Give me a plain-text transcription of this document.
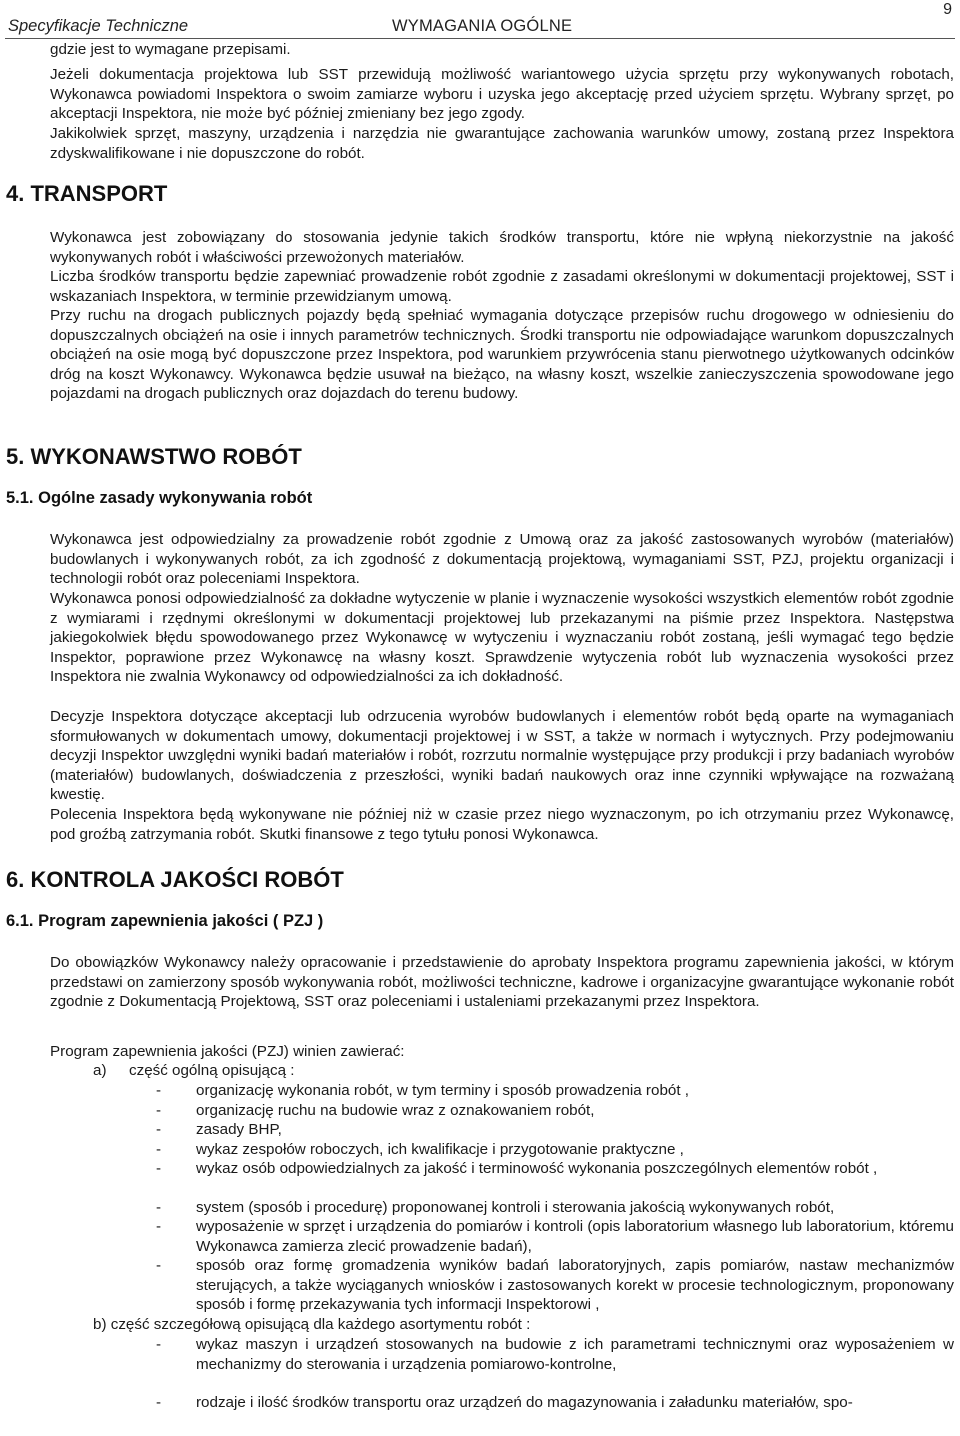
Specyfikacje Techniczne	WYMAGANIA OGÓLNE
9

gdzie jest to wymagane przepisami.

Jeżeli dokumentacja projektowa lub SST przewidują możliwość wariantowego użycia sprzętu przy wykonywanych robotach, Wykonawca powiadomi Inspektora o swoim zamiarze wyboru i uzyska jego akceptację przed użyciem sprzętu. Wybrany sprzęt, po akceptacji Inspektora, nie może być później zmieniany bez jego zgody.

Jakikolwiek sprzęt, maszyny, urządzenia i narzędzia nie gwarantujące zachowania warunków umowy, zostaną przez Inspektora zdyskwalifikowane i nie dopuszczone do robót.

4. TRANSPORT

Wykonawca jest zobowiązany do stosowania jedynie takich środków transportu, które nie wpłyną niekorzystnie na jakość wykonywanych robót i właściwości przewożonych materiałów.

Liczba środków transportu będzie zapewniać prowadzenie robót zgodnie z zasadami określonymi w dokumentacji projektowej, SST i wskazaniach Inspektora, w terminie przewidzianym umową.

Przy ruchu na drogach publicznych pojazdy będą spełniać wymagania dotyczące przepisów ruchu drogowego w odniesieniu do dopuszczalnych obciążeń na osie i innych parametrów technicznych. Środki transportu nie odpowiadające warunkom dopuszczalnych obciążeń na osie mogą być dopuszczone przez Inspektora, pod warunkiem przywrócenia stanu pierwotnego użytkowanych odcinków dróg na koszt Wykonawcy. Wykonawca będzie usuwał na bieżąco, na własny koszt, wszelkie zanieczyszczenia spowodowane jego pojazdami na drogach publicznych oraz dojazdach do terenu budowy.

5. WYKONAWSTWO ROBÓT
5.1. Ogólne zasady wykonywania robót

Wykonawca jest odpowiedzialny za prowadzenie robót zgodnie z Umową oraz za jakość zastosowanych wyrobów (materiałów) budowlanych i wykonywanych robót, za ich zgodność z dokumentacją projektową, wymaganiami SST, PZJ, projektu organizacji i technologii robót oraz poleceniami Inspektora.

Wykonawca ponosi odpowiedzialność za dokładne wytyczenie w planie i wyznaczenie wysokości wszystkich elementów robót zgodnie z wymiarami i rzędnymi określonymi w dokumentacji projektowej lub przekazanymi na piśmie przez Inspektora. Następstwa jakiegokolwiek błędu spowodowanego przez Wykonawcę w wytyczeniu i wyznaczaniu robót zostaną, jeśli wymagać tego będzie Inspektor, poprawione przez Wykonawcę na własny koszt. Sprawdzenie wytyczenia robót lub wyznaczenia wysokości przez Inspektora nie zwalnia Wykonawcy od odpowiedzialności za ich dokładność.

Decyzje Inspektora dotyczące akceptacji lub odrzucenia wyrobów budowlanych i elementów robót będą oparte na wymaganiach sformułowanych w dokumentach umowy, dokumentacji projektowej i w SST, a także w normach i wytycznych. Przy podejmowaniu decyzji Inspektor uwzględni wyniki badań materiałów i robót, rozrzutu normalnie występujące przy produkcji i przy badaniach wyrobów (materiałów) budowlanych, doświadczenia z przeszłości, wyniki badań naukowych oraz inne czynniki wpływające na rozważaną kwestię.

Polecenia Inspektora będą wykonywane nie później niż w czasie przez niego wyznaczonym, po ich otrzymaniu przez Wykonawcę, pod groźbą zatrzymania robót. Skutki finansowe z tego tytułu ponosi Wykonawca.

6. KONTROLA JAKOŚCI ROBÓT
6.1. Program zapewnienia jakości ( PZJ )

Do obowiązków Wykonawcy należy opracowanie i przedstawienie do aprobaty Inspektora programu zapewnienia jakości, w którym przedstawi on zamierzony sposób wykonywania robót, możliwości techniczne, kadrowe i organizacyjne gwarantujące wykonanie robót zgodnie z Dokumentacją Projektową, SST oraz poleceniami i ustaleniami przekazanymi przez Inspektora.

Program zapewnienia jakości (PZJ) winien zawierać:

a) część ogólną opisującą :
- organizację wykonania robót, w tym terminy i sposób prowadzenia robót ,

- organizację ruchu na budowie wraz z oznakowaniem robót,

- zasady BHP,

- wykaz zespołów roboczych, ich kwalifikacje i przygotowanie praktyczne ,

- wykaz osób odpowiedzialnych za jakość i terminowość wykonania poszczególnych elementów robót ,

- system (sposób i procedurę) proponowanej kontroli i sterowania jakością wykonywanych robót,

- wyposażenie w sprzęt i urządzenia do pomiarów i kontroli (opis laboratorium własnego lub laboratorium, któremu Wykonawca zamierza zlecić prowadzenie badań),

- sposób oraz formę gromadzenia wyników badań laboratoryjnych, zapis pomiarów, nastaw mechanizmów sterujących, a także wyciąganych wniosków i zastosowanych korekt w procesie technologicznym, proponowany sposób i formę przekazywania tych informacji Inspektorowi ,

b) część szczegółową opisującą dla każdego asortymentu robót :
- wykaz maszyn i urządzeń stosowanych na budowie z ich parametrami technicznymi oraz wyposażeniem w mechanizmy do sterowania i urządzenia pomiarowo-kontrolne,

- rodzaje i ilość środków transportu oraz urządzeń do magazynowania i załadunku materiałów, spo-
